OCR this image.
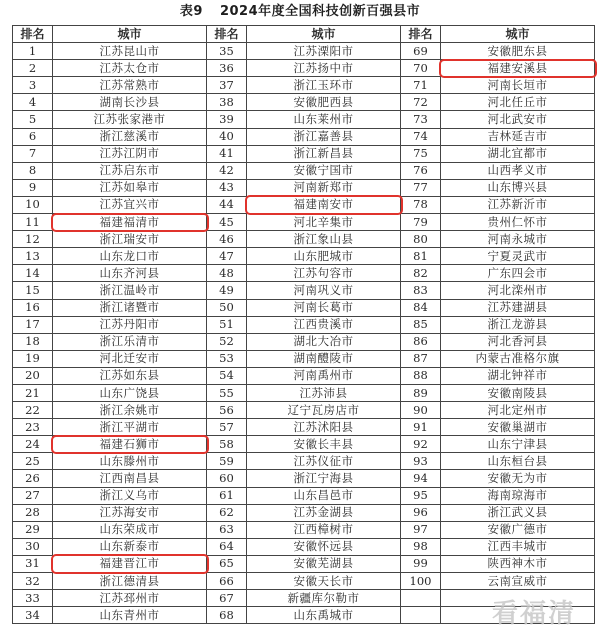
表9 2024年度全国科技创新百强县市
排名	城市	排名	城市	排名	城市
1	江苏昆山市	35	江苏溧阳市	69	安徽肥东县
2	江苏太仓市	36	江苏扬中市	70	福建安溪县
3	江苏常熟市	37	浙江玉环市	71	河南长垣市
4	湖南长沙县	38	安徽肥西县	72	河北任丘市
5	江苏张家港市	39	山东莱州市	73	河北武安市
6	浙江慈溪市	40	浙江嘉善县	74	吉林延吉市
7	江苏江阴市	41	浙江新昌县	75	湖北宜都市
8	江苏启东市	42	安徽宁国市	76	山西孝义市
9	江苏如皋市	43	河南新郑市	77	山东博兴县
10	江苏宜兴市	44	福建南安市	78	江苏新沂市
11	福建福清市	45	河北辛集市	79	贵州仁怀市
12	浙江瑞安市	46	浙江象山县	80	河南永城市
13	山东龙口市	47	山东肥城市	81	宁夏灵武市
14	山东齐河县	48	江苏句容市	82	广东四会市
15	浙江温岭市	49	河南巩义市	83	河北滦州市
16	浙江诸暨市	50	河南长葛市	84	江苏建湖县
17	江苏丹阳市	51	江西贵溪市	85	浙江龙游县
18	浙江乐清市	52	湖北大冶市	86	河北香河县
19	河北迁安市	53	湖南醴陵市	87	内蒙古准格尔旗
20	江苏如东县	54	河南禹州市	88	湖北钟祥市
21	山东广饶县	55	江苏沛县	89	安徽南陵县
22	浙江余姚市	56	辽宁瓦房店市	90	河北定州市
23	浙江平湖市	57	江苏沭阳县	91	安徽巢湖市
24	福建石狮市	58	安徽长丰县	92	山东宁津县
25	山东滕州市	59	江苏仪征市	93	山东桓台县
26	江西南昌县	60	浙江宁海县	94	安徽无为市
27	浙江义乌市	61	山东昌邑市	95	海南琼海市
28	江苏海安市	62	江苏金湖县	96	浙江武义县
29	山东荣成市	63	江西樟树市	97	安徽广德市
30	山东新泰市	64	安徽怀远县	98	江西丰城市
31	福建晋江市	65	安徽芜湖县	99	陕西神木市
32	浙江德清县	66	安徽天长市	100	云南宣威市
33	江苏邳州市	67	新疆库尔勒市		
34	山东青州市	68	山东禹城市			看福清
